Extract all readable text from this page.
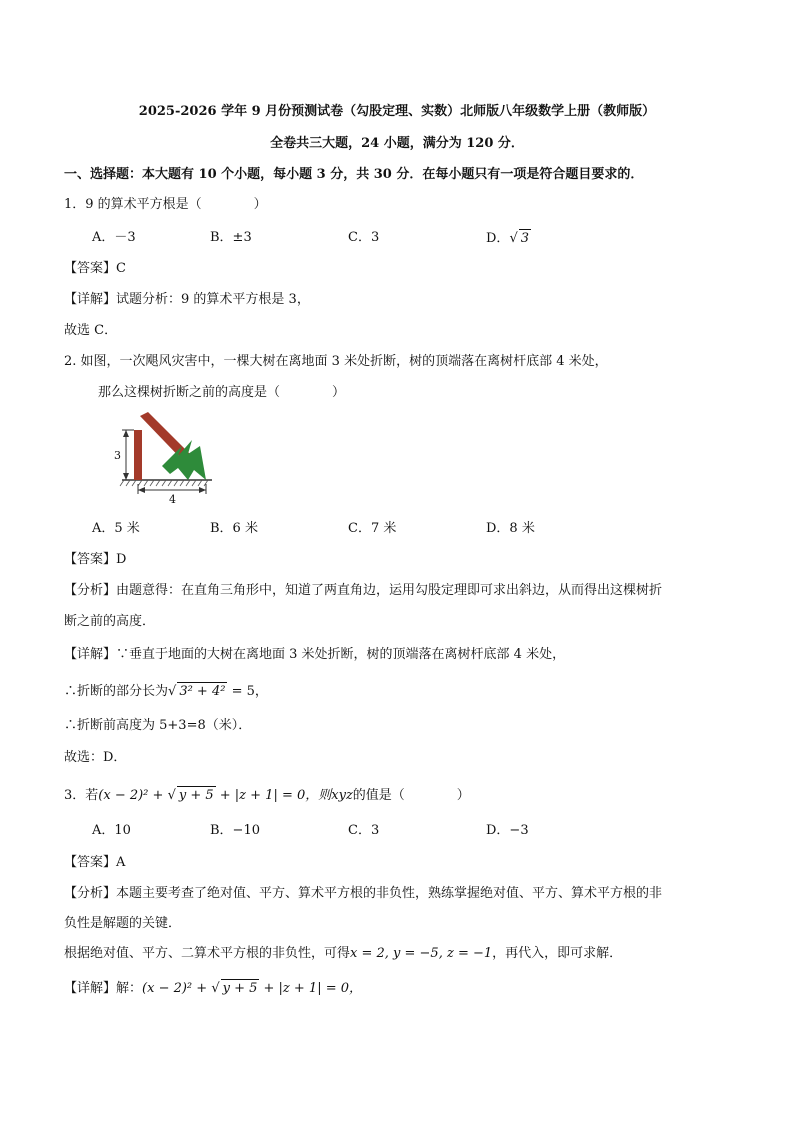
2025-2026 学年 9 月份预测试卷（勾股定理、实数）北师版八年级数学上册（教师版）
全卷共三大题，24 小题，满分为 120 分．
一、选择题：本大题有 10 个小题，每小题 3 分，共 30 分．在每小题只有一项是符合题目要求的．
1．9 的算术平方根是（　　　　）
A．－3	B．±3	C．3	D．√ 3
【答案】C
【详解】试题分析：9 的算术平方根是 3，
故选 C．
2. 如图，一次飓风灾害中，一棵大树在离地面 3 米处折断，树的顶端落在离树杆底部 4 米处，
那么这棵树折断之前的高度是（　　　　）
3
4
A．5 米	B．6 米	C．7 米	D．8 米
【答案】D
【分析】由题意得：在直角三角形中，知道了两直角边，运用勾股定理即可求出斜边，从而得出这棵树折
断之前的高度．
【详解】∵垂直于地面的大树在离地面 3 米处折断，树的顶端落在离树杆底部 4 米处，
∴折断的部分长为√ 3² + 4² = 5，
∴折断前高度为 5+3=8（米）．
故选：D．
3．若(x − 2)² + √ y + 5 + |z + 1| = 0，则xyz的值是（　　　　）
A．10	B．−10	C．3	D．−3
【答案】A
【分析】本题主要考查了绝对值、平方、算术平方根的非负性，熟练掌握绝对值、平方、算术平方根的非
负性是解题的关键．
根据绝对值、平方、二算术平方根的非负性，可得x = 2, y = −5, z = −1，再代入，即可求解．
【详解】解：(x − 2)² + √ y + 5 + |z + 1| = 0，
